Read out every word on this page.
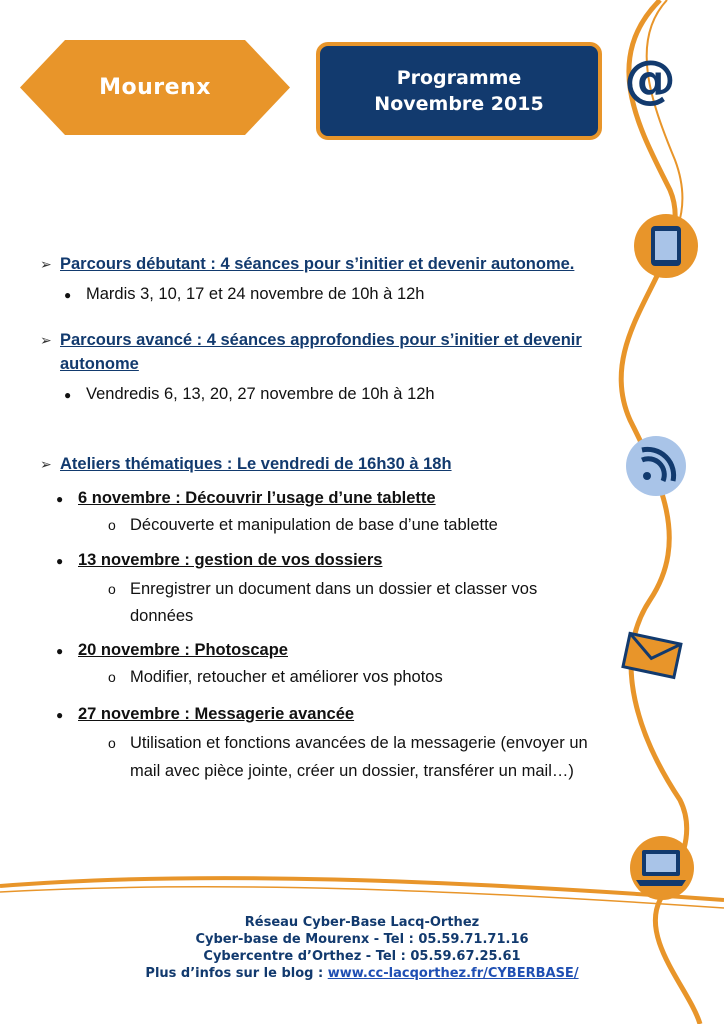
Mourenx	Programme
Novembre 2015	@
➢ Parcours débutant : 4 séances pour s’initier et devenir autonome.
● Mardis 3, 10, 17 et 24 novembre de 10h à 12h
➢ Parcours avancé : 4 séances approfondies pour s’initier et devenir
autonome
● Vendredis 6, 13, 20, 27 novembre de 10h à 12h
➢ Ateliers thématiques : Le vendredi de 16h30 à 18h
● 6 novembre : Découvrir l’usage d’une tablette
o Découverte et manipulation de base d’une tablette
● 13 novembre : gestion de vos dossiers
o Enregistrer un document dans un dossier et classer vos
données
● 20 novembre : Photoscape
o Modifier, retoucher et améliorer vos photos
● 27 novembre : Messagerie avancée
o Utilisation et fonctions avancées de la messagerie (envoyer un
mail avec pièce jointe, créer un dossier, transférer un mail…)
Réseau Cyber-Base Lacq-Orthez
Cyber-base de Mourenx - Tel : 05.59.71.71.16
Cybercentre d’Orthez - Tel : 05.59.67.25.61
Plus d’infos sur le blog : www.cc-lacqorthez.fr/CYBERBASE/
